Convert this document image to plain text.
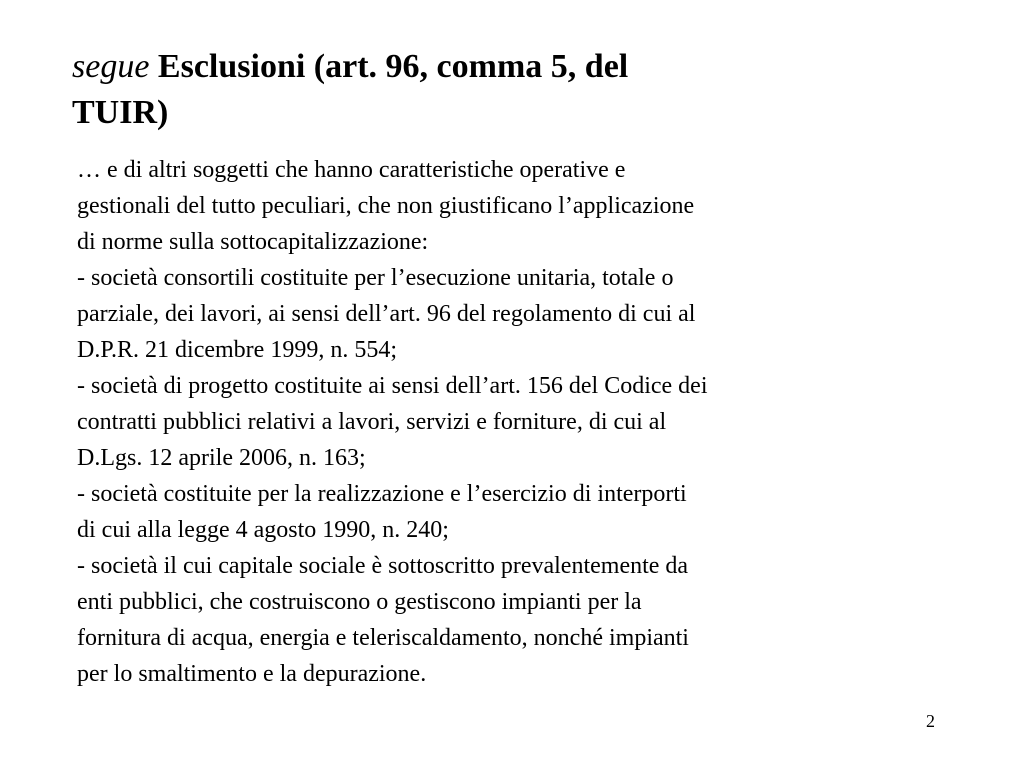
segue Esclusioni (art. 96, comma 5, del
TUIR)
… e di altri soggetti che hanno caratteristiche operative e
gestionali del tutto peculiari, che non giustificano l’applicazione
di norme sulla sottocapitalizzazione:
- società consortili costituite per l’esecuzione unitaria, totale o
parziale, dei lavori, ai sensi dell’art. 96 del regolamento di cui al
D.P.R. 21 dicembre 1999, n. 554;
- società di progetto costituite ai sensi dell’art. 156 del Codice dei
contratti pubblici relativi a lavori, servizi e forniture, di cui al
D.Lgs. 12 aprile 2006, n. 163;
- società costituite per la realizzazione e l’esercizio di interporti
di cui alla legge 4 agosto 1990, n. 240;
- società il cui capitale sociale è sottoscritto prevalentemente da
enti pubblici, che costruiscono o gestiscono impianti per la
fornitura di acqua, energia e teleriscaldamento, nonché impianti
per lo smaltimento e la depurazione.
2
